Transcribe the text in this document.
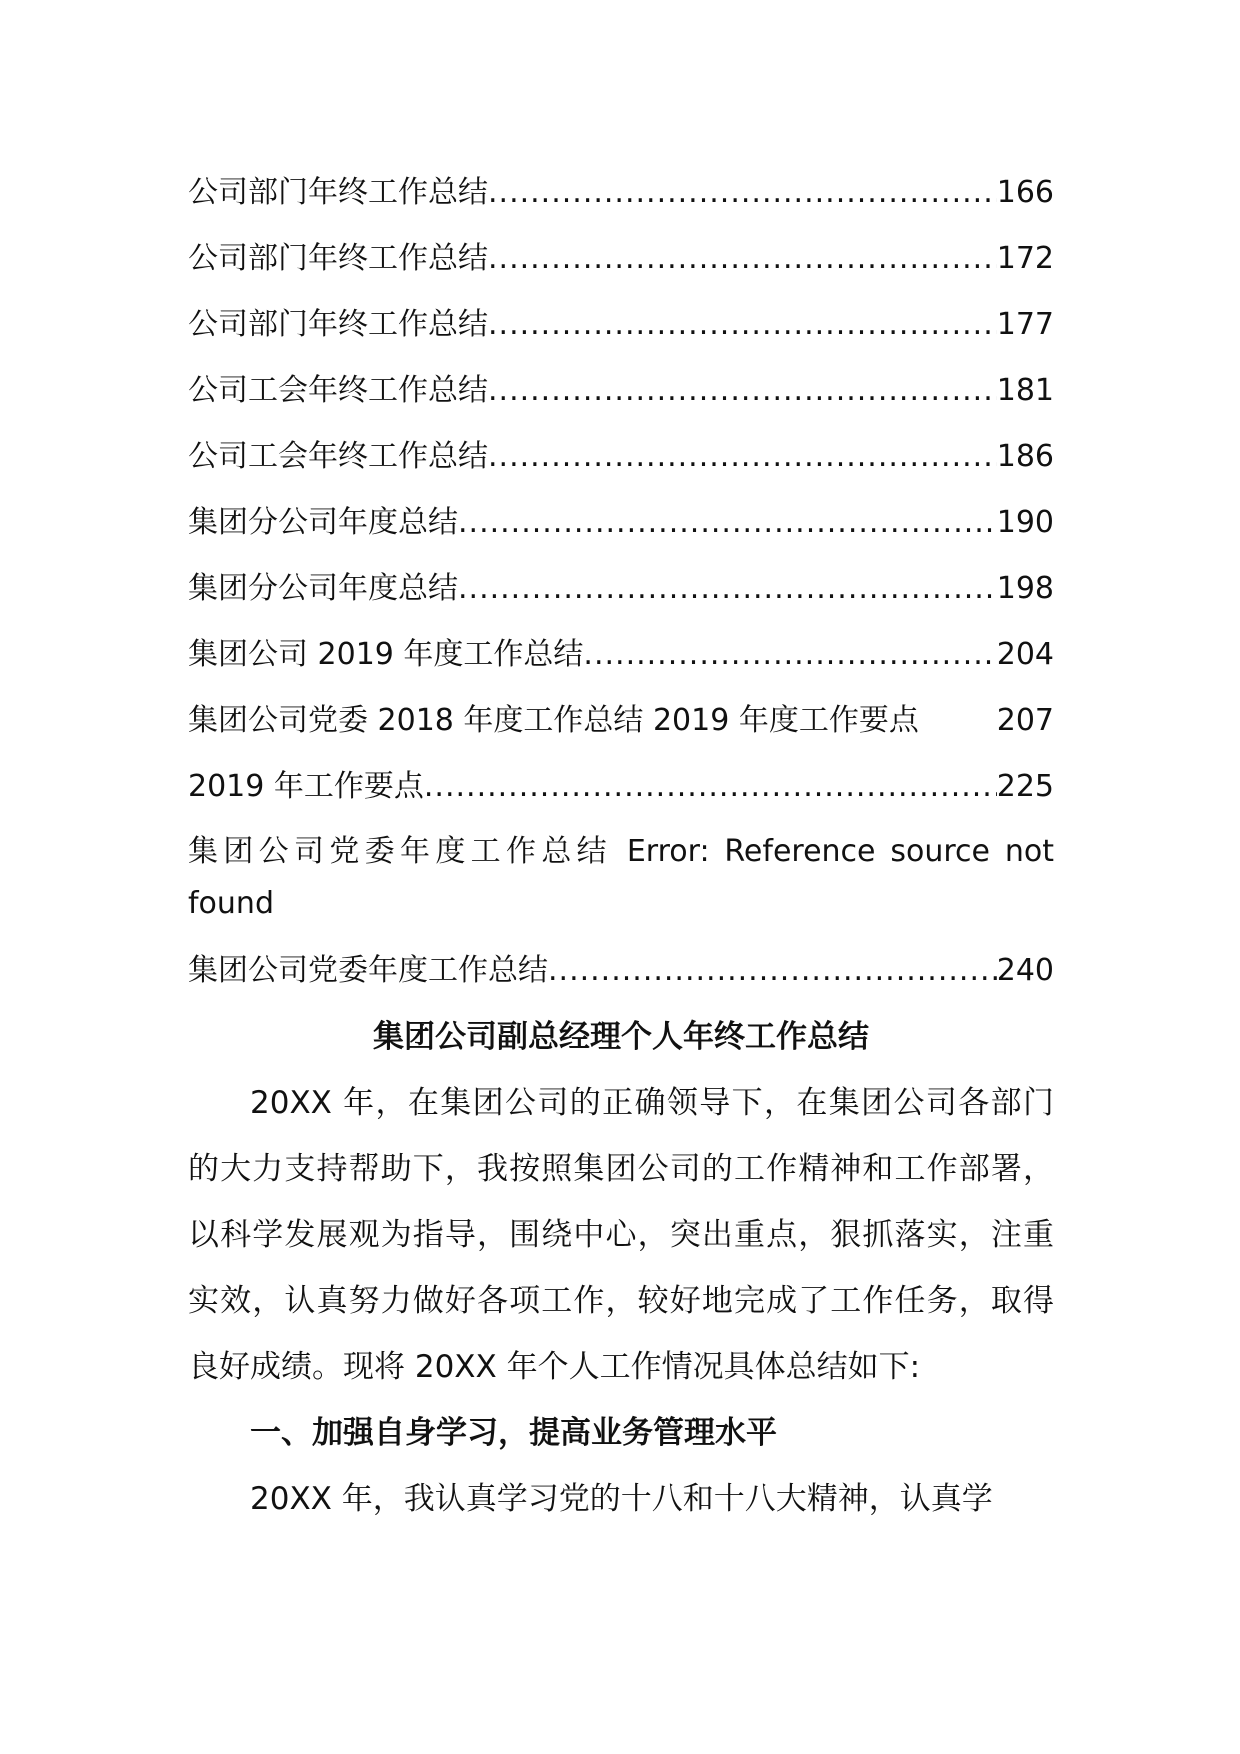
公司部门年终工作总结 .....	166
公司部门年终工作总结 .....	172
公司部门年终工作总结 .....	177
公司工会年终工作总结 .....	181
公司工会年终工作总结 .....	186
集团分公司年度总结 .....	190
集团分公司年度总结 .....	198
集团公司 2019 年度工作总结 .....	204
集团公司党委 2018 年度工作总结 2019 年度工作要点	207
2019 年工作要点 .....	225
集团公司党委年度工作总结 Error: Reference source not found
集团公司党委年度工作总结 .....	240
集团公司副总经理个人年终工作总结

20XX 年，在集团公司的正确领导下，在集团公司各部门的大力支持帮助下，我按照集团公司的工作精神和工作部署，以科学发展观为指导，围绕中心，突出重点，狠抓落实，注重实效，认真努力做好各项工作，较好地完成了工作任务，取得良好成绩。现将 20XX 年个人工作情况具体总结如下:

一、加强自身学习，提高业务管理水平

20XX 年，我认真学习党的十八和十八大精神，认真学
